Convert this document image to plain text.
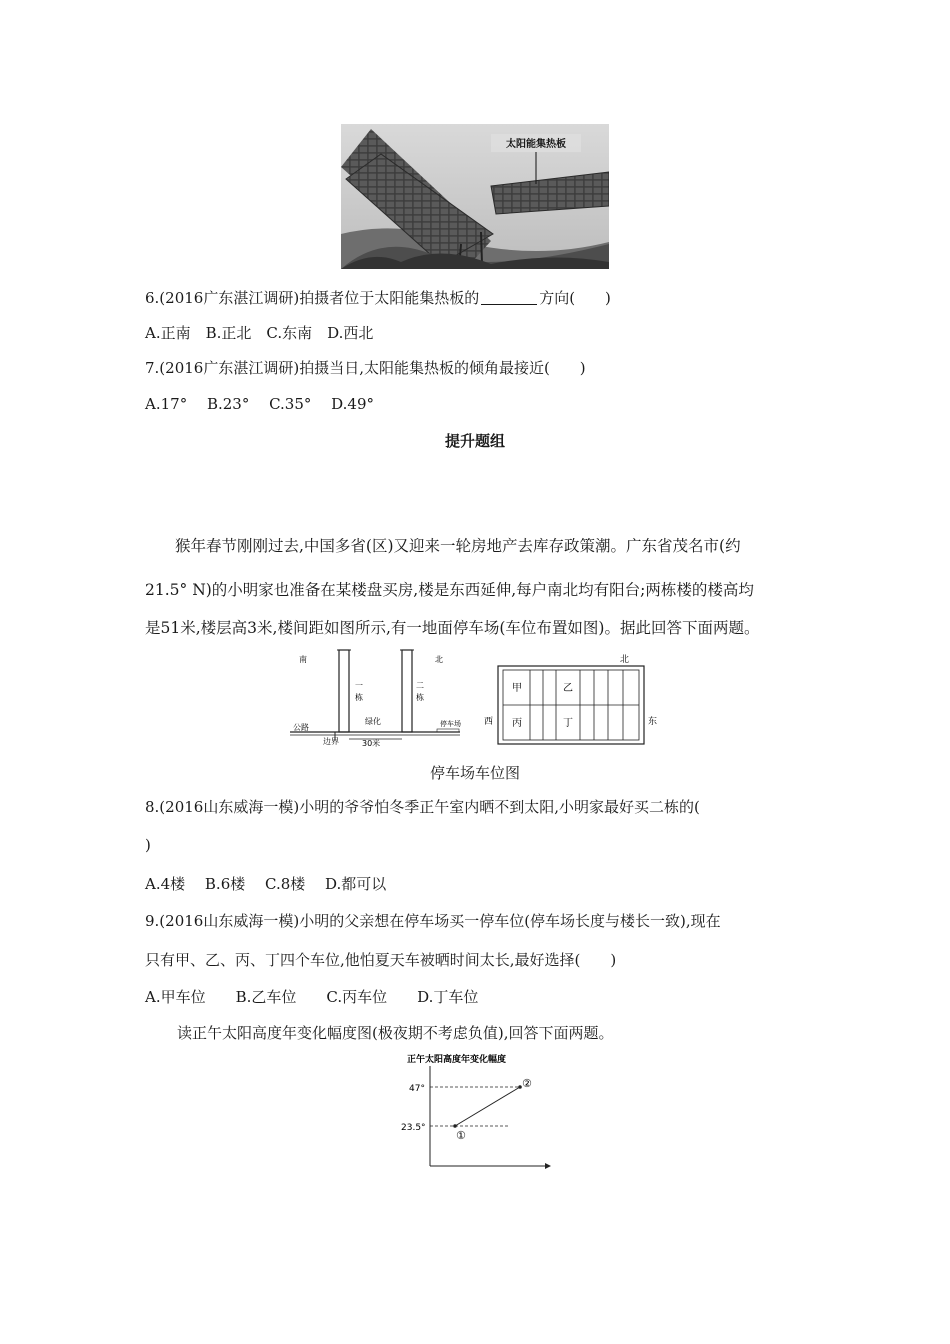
太阳能集热板
6.(2016广东湛江调研)拍摄者位于太阳能集热板的	方向(　　)
A.正南　B.正北　C.东南　D.西北
7.(2016广东湛江调研)拍摄当日,太阳能集热板的倾角最接近(　　)
A.17°　 B.23°　 C.35°　 D.49°
提升题组
猴年春节刚刚过去,中国多省(区)又迎来一轮房地产去库存政策潮。广东省茂名市(约
21.5° N)的小明家也准备在某楼盘买房,楼是东西延伸,每户南北均有阳台;两栋楼的楼高均
是51米,楼层高3米,楼间距如图所示,有一地面停车场(车位布置如图)。据此回答下面两题。
南	北
一
栋
二
栋
公路
绿化	停车场
边界	30米
北
西	东
甲	乙
丙	丁
停车场车位图
8.(2016山东威海一模)小明的爷爷怕冬季正午室内晒不到太阳,小明家最好买二栋的(
)
A.4楼　 B.6楼　 C.8楼　 D.都可以
9.(2016山东威海一模)小明的父亲想在停车场买一停车位(停车场长度与楼长一致),现在
只有甲、乙、丙、丁四个车位,他怕夏天车被晒时间太长,最好选择(　　)
A.甲车位　　B.乙车位　　C.丙车位　　D.丁车位
读正午太阳高度年变化幅度图(极夜期不考虑负值),回答下面两题。
正午太阳高度年变化幅度
47°
23.5°
①
②
